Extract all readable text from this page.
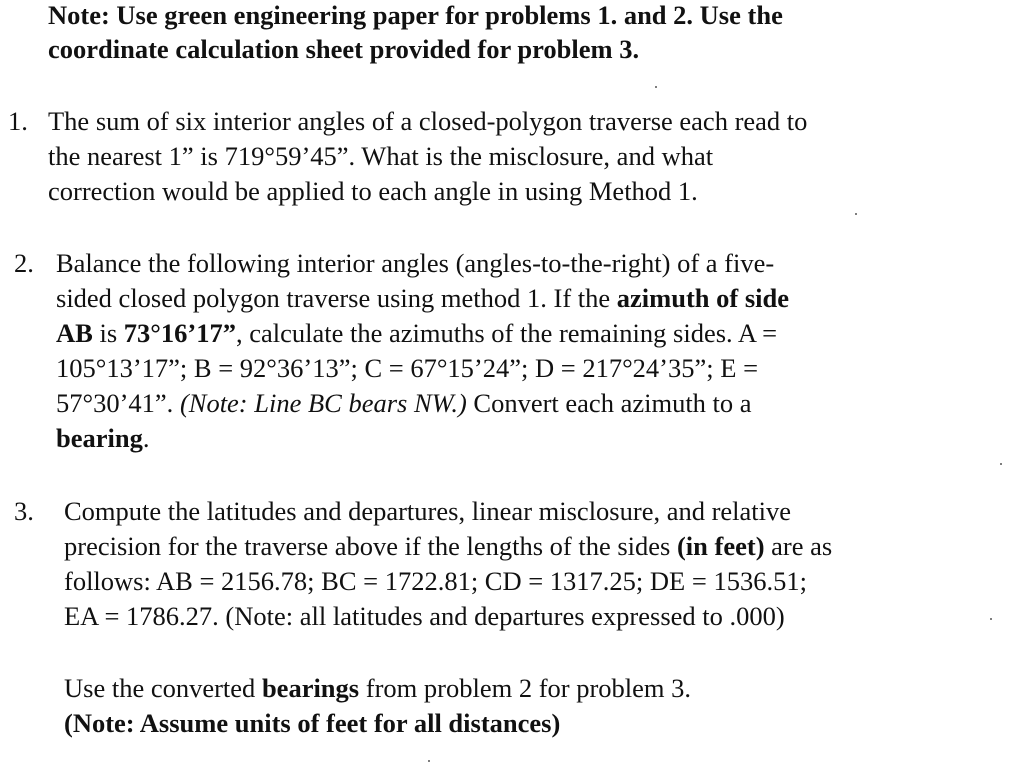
Note: Use green engineering paper for problems 1. and 2. Use the
coordinate calculation sheet provided for problem 3.
1. The sum of six interior angles of a closed-polygon traverse each read to
the nearest 1” is 719°59’45”. What is the misclosure, and what
correction would be applied to each angle in using Method 1.
2. Balance the following interior angles (angles-to-the-right) of a five-
sided closed polygon traverse using method 1. If the azimuth of side
AB is 73°16’17”, calculate the azimuths of the remaining sides. A =
105°13’17”; B = 92°36’13”; C = 67°15’24”; D = 217°24’35”; E =
57°30’41”. (Note: Line BC bears NW.) Convert each azimuth to a
bearing.
3. Compute the latitudes and departures, linear misclosure, and relative
precision for the traverse above if the lengths of the sides (in feet) are as
follows: AB = 2156.78; BC = 1722.81; CD = 1317.25; DE = 1536.51;
EA = 1786.27. (Note: all latitudes and departures expressed to .000)
Use the converted bearings from problem 2 for problem 3.
(Note: Assume units of feet for all distances)
